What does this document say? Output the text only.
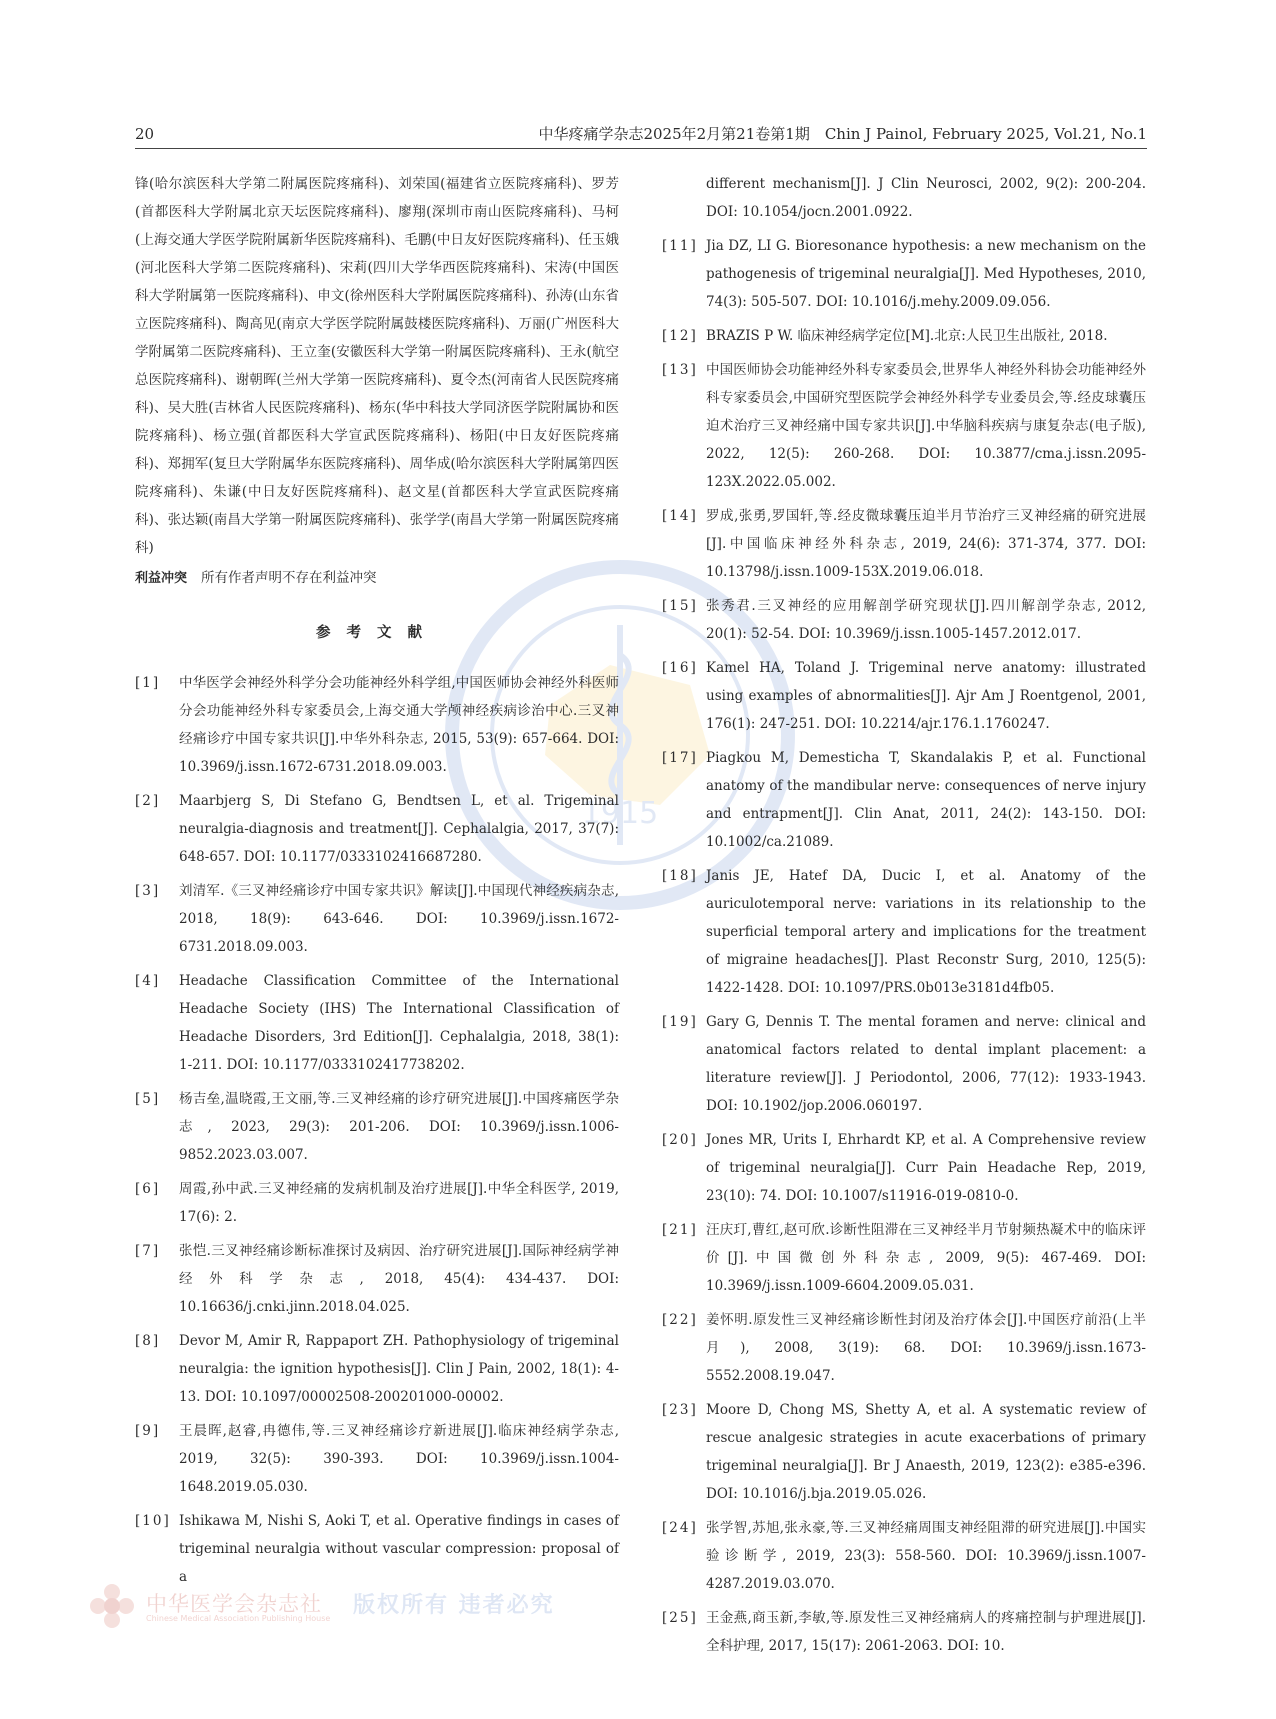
1915
20	中华疼痛学杂志2025年2月第21卷第1期　Chin J Painol, February 2025, Vol.21, No.1

锋(哈尔滨医科大学第二附属医院疼痛科)、刘荣国(福建省立医院疼痛科)、罗芳(首都医科大学附属北京天坛医院疼痛科)、廖翔(深圳市南山医院疼痛科)、马柯(上海交通大学医学院附属新华医院疼痛科)、毛鹏(中日友好医院疼痛科)、任玉娥(河北医科大学第二医院疼痛科)、宋莉(四川大学华西医院疼痛科)、宋涛(中国医科大学附属第一医院疼痛科)、申文(徐州医科大学附属医院疼痛科)、孙涛(山东省立医院疼痛科)、陶高见(南京大学医学院附属鼓楼医院疼痛科)、万丽(广州医科大学附属第二医院疼痛科)、王立奎(安徽医科大学第一附属医院疼痛科)、王永(航空总医院疼痛科)、谢朝晖(兰州大学第一医院疼痛科)、夏令杰(河南省人民医院疼痛科)、吴大胜(吉林省人民医院疼痛科)、杨东(华中科技大学同济医学院附属协和医院疼痛科)、杨立强(首都医科大学宣武医院疼痛科)、杨阳(中日友好医院疼痛科)、郑拥军(复旦大学附属华东医院疼痛科)、周华成(哈尔滨医科大学附属第四医院疼痛科)、朱谦(中日友好医院疼痛科)、赵文星(首都医科大学宣武医院疼痛科)、张达颖(南昌大学第一附属医院疼痛科)、张学学(南昌大学第一附属医院疼痛科)

利益冲突 所有作者声明不存在利益冲突

参考文献
[1] 中华医学会神经外科学分会功能神经外科学组,中国医师协会神经外科医师分会功能神经外科专家委员会,上海交通大学颅神经疾病诊治中心.三叉神经痛诊疗中国专家共识[J].中华外科杂志, 2015, 53(9): 657-664. DOI: 10.3969/j.issn.1672-6731.2018.09.003.
[2] Maarbjerg S, Di Stefano G, Bendtsen L, et al. Trigeminal neuralgia-diagnosis and treatment[J]. Cephalalgia, 2017, 37(7): 648-657. DOI: 10.1177/0333102416687280.
[3] 刘清军.《三叉神经痛诊疗中国专家共识》解读[J].中国现代神经疾病杂志, 2018, 18(9): 643-646. DOI: 10.3969/j.issn.1672-6731.2018.09.003.
[4] Headache Classification Committee of the International Headache Society (IHS) The International Classification of Headache Disorders, 3rd Edition[J]. Cephalalgia, 2018, 38(1): 1-211. DOI: 10.1177/0333102417738202.
[5] 杨吉垒,温晓霞,王文丽,等.三叉神经痛的诊疗研究进展[J].中国疼痛医学杂志, 2023, 29(3): 201-206. DOI: 10.3969/j.issn.1006-9852.2023.03.007.
[6] 周霞,孙中武.三叉神经痛的发病机制及治疗进展[J].中华全科医学, 2019, 17(6): 2.
[7] 张恺.三叉神经痛诊断标准探讨及病因、治疗研究进展[J].国际神经病学神经外科学杂志, 2018, 45(4): 434-437. DOI: 10.16636/j.cnki.jinn.2018.04.025.
[8] Devor M, Amir R, Rappaport ZH. Pathophysiology of trigeminal neuralgia: the ignition hypothesis[J]. Clin J Pain, 2002, 18(1): 4-13. DOI: 10.1097/00002508-200201000-00002.
[9] 王晨晖,赵睿,冉德伟,等.三叉神经痛诊疗新进展[J].临床神经病学杂志, 2019, 32(5): 390-393. DOI: 10.3969/j.issn.1004-1648.2019.05.030.
[10] Ishikawa M, Nishi S, Aoki T, et al. Operative findings in cases of trigeminal neuralgia without vascular compression: proposal of a
different mechanism[J]. J Clin Neurosci, 2002, 9(2): 200-204. DOI: 10.1054/jocn.2001.0922.
[11] Jia DZ, LI G. Bioresonance hypothesis: a new mechanism on the pathogenesis of trigeminal neuralgia[J]. Med Hypotheses, 2010, 74(3): 505-507. DOI: 10.1016/j.mehy.2009.09.056.
[12] BRAZIS P W. 临床神经病学定位[M].北京:人民卫生出版社, 2018.
[13] 中国医师协会功能神经外科专家委员会,世界华人神经外科协会功能神经外科专家委员会,中国研究型医院学会神经外科学专业委员会,等.经皮球囊压迫术治疗三叉神经痛中国专家共识[J].中华脑科疾病与康复杂志(电子版), 2022, 12(5): 260-268. DOI: 10.3877/cma.j.issn.2095-123X.2022.05.002.
[14] 罗成,张勇,罗国轩,等.经皮微球囊压迫半月节治疗三叉神经痛的研究进展[J].中国临床神经外科杂志, 2019, 24(6): 371-374, 377. DOI: 10.13798/j.issn.1009-153X.2019.06.018.
[15] 张秀君.三叉神经的应用解剖学研究现状[J].四川解剖学杂志, 2012, 20(1): 52-54. DOI: 10.3969/j.issn.1005-1457.2012.017.
[16] Kamel HA, Toland J. Trigeminal nerve anatomy: illustrated using examples of abnormalities[J]. Ajr Am J Roentgenol, 2001, 176(1): 247-251. DOI: 10.2214/ajr.176.1.1760247.
[17] Piagkou M, Demesticha T, Skandalakis P, et al. Functional anatomy of the mandibular nerve: consequences of nerve injury and entrapment[J]. Clin Anat, 2011, 24(2): 143-150. DOI: 10.1002/ca.21089.
[18] Janis JE, Hatef DA, Ducic I, et al. Anatomy of the auriculotemporal nerve: variations in its relationship to the superficial temporal artery and implications for the treatment of migraine headaches[J]. Plast Reconstr Surg, 2010, 125(5): 1422-1428. DOI: 10.1097/PRS.0b013e3181d4fb05.
[19] Gary G, Dennis T. The mental foramen and nerve: clinical and anatomical factors related to dental implant placement: a literature review[J]. J Periodontol, 2006, 77(12): 1933-1943. DOI: 10.1902/jop.2006.060197.
[20] Jones MR, Urits I, Ehrhardt KP, et al. A Comprehensive review of trigeminal neuralgia[J]. Curr Pain Headache Rep, 2019, 23(10): 74. DOI: 10.1007/s11916-019-0810-0.
[21] 汪庆玎,曹红,赵可欣.诊断性阻滞在三叉神经半月节射频热凝术中的临床评价[J].中国微创外科杂志, 2009, 9(5): 467-469. DOI: 10.3969/j.issn.1009-6604.2009.05.031.
[22] 姜怀明.原发性三叉神经痛诊断性封闭及治疗体会[J].中国医疗前沿(上半月), 2008, 3(19): 68. DOI: 10.3969/j.issn.1673-5552.2008.19.047.
[23] Moore D, Chong MS, Shetty A, et al. A systematic review of rescue analgesic strategies in acute exacerbations of primary trigeminal neuralgia[J]. Br J Anaesth, 2019, 123(2): e385-e396. DOI: 10.1016/j.bja.2019.05.026.
[24] 张学智,苏旭,张永豪,等.三叉神经痛周围支神经阻滞的研究进展[J].中国实验诊断学, 2019, 23(3): 558-560. DOI: 10.3969/j.issn.1007-4287.2019.03.070.
[25] 王金燕,商玉新,李敏,等.原发性三叉神经痛病人的疼痛控制与护理进展[J].全科护理, 2017, 15(17): 2061-2063. DOI: 10.
中华医学会杂志社
Chinese Medical Association Publishing House
版权所有 违者必究
